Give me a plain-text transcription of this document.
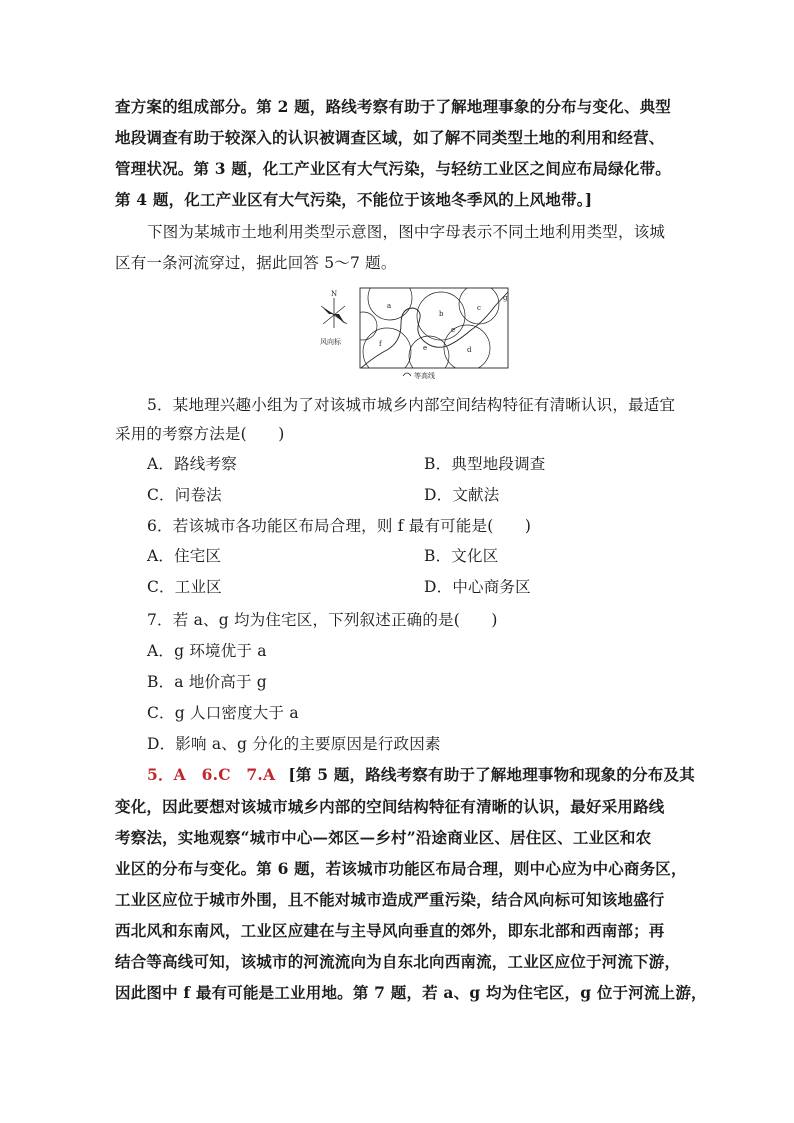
查方案的组成部分。第 2 题，路线考察有助于了解地理事象的分布与变化、典型
地段调查有助于较深入的认识被调查区域，如了解不同类型土地的利用和经营、
管理状况。第 3 题，化工产业区有大气污染，与轻纺工业区之间应布局绿化带。
第 4 题，化工产业区有大气污染，不能位于该地冬季风的上风地带。]
下图为某城市土地利用类型示意图，图中字母表示不同土地利用类型，该城
区有一条河流穿过，据此回答 5～7 题。
N
风向标
a
b
c
g
f	e	d
e
等高线
5．某地理兴趣小组为了对该城市城乡内部空间结构特征有清晰认识，最适宜
采用的考察方法是(　　)
A．路线考察	B．典型地段调查
C．问卷法	D．文献法
6．若该城市各功能区布局合理，则 f 最有可能是(　　)
A．住宅区	B．文化区
C．工业区	D．中心商务区
7．若 a、g 均为住宅区，下列叙述正确的是(　　)
A．g 环境优于 a
B．a 地价高于 g
C．g 人口密度大于 a
D．影响 a、g 分化的主要原因是行政因素
5．A　6.C　7.A [第 5 题，路线考察有助于了解地理事物和现象的分布及其
变化，因此要想对该城市城乡内部的空间结构特征有清晰的认识，最好采用路线
考察法，实地观察“城市中心—郊区—乡村”沿途商业区、居住区、工业区和农
业区的分布与变化。第 6 题，若该城市功能区布局合理，则中心应为中心商务区，
工业区应位于城市外围，且不能对城市造成严重污染，结合风向标可知该地盛行
西北风和东南风，工业区应建在与主导风向垂直的郊外，即东北部和西南部；再
结合等高线可知，该城市的河流流向为自东北向西南流，工业区应位于河流下游，
因此图中 f 最有可能是工业用地。第 7 题，若 a、g 均为住宅区，g 位于河流上游，
